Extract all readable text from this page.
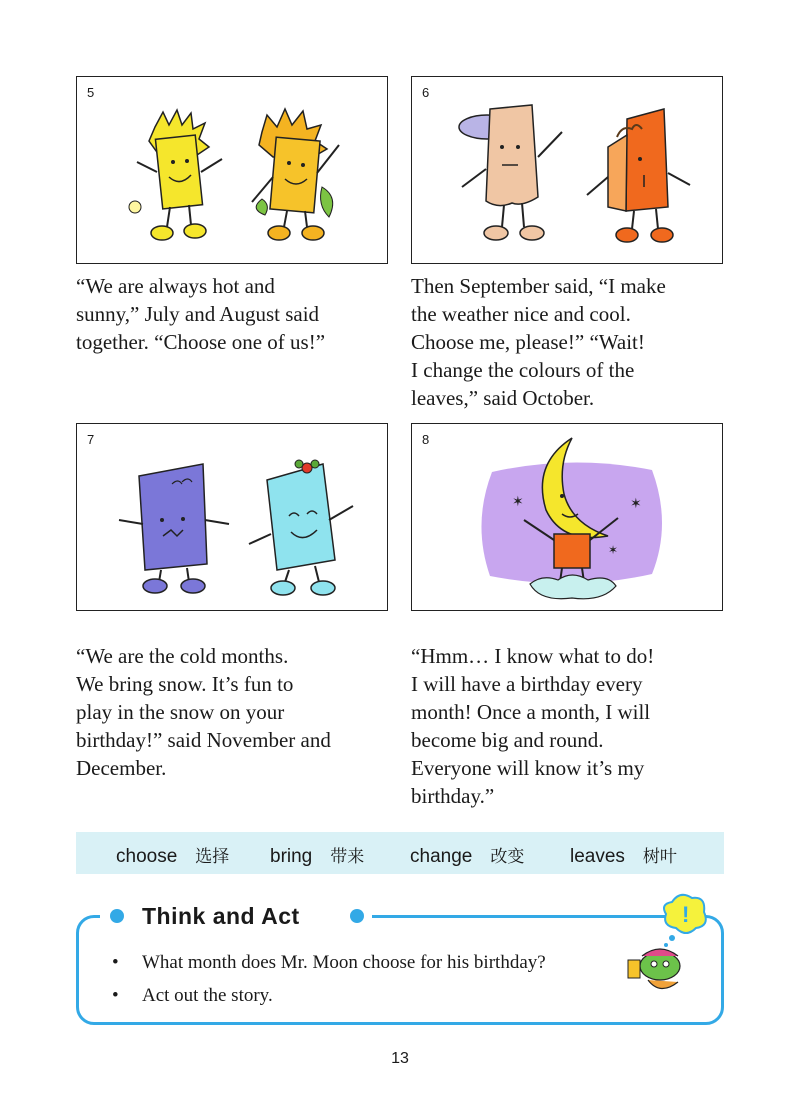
5	6
7
✶	✶
✶
8

“We are always hot and
sunny,” July and August said
together. “Choose one of us!”

Then September said, “I make
the weather nice and cool.
Choose me, please!” “Wait!
I change the colours of the
leaves,” said October.

“We are the cold months.
We bring snow. It’s fun to
play in the snow on your
birthday!” said November and
December.

“Hmm… I know what to do!
I will have a birthday every
month! Once a month, I will
become big and round.
Everyone will know it’s my
birthday.”

choose 选择 bring 带来 change 改变 leaves 树叶
Think and Act
• What month does Mr. Moon choose for his birthday?
• Act out the story.
!
13
